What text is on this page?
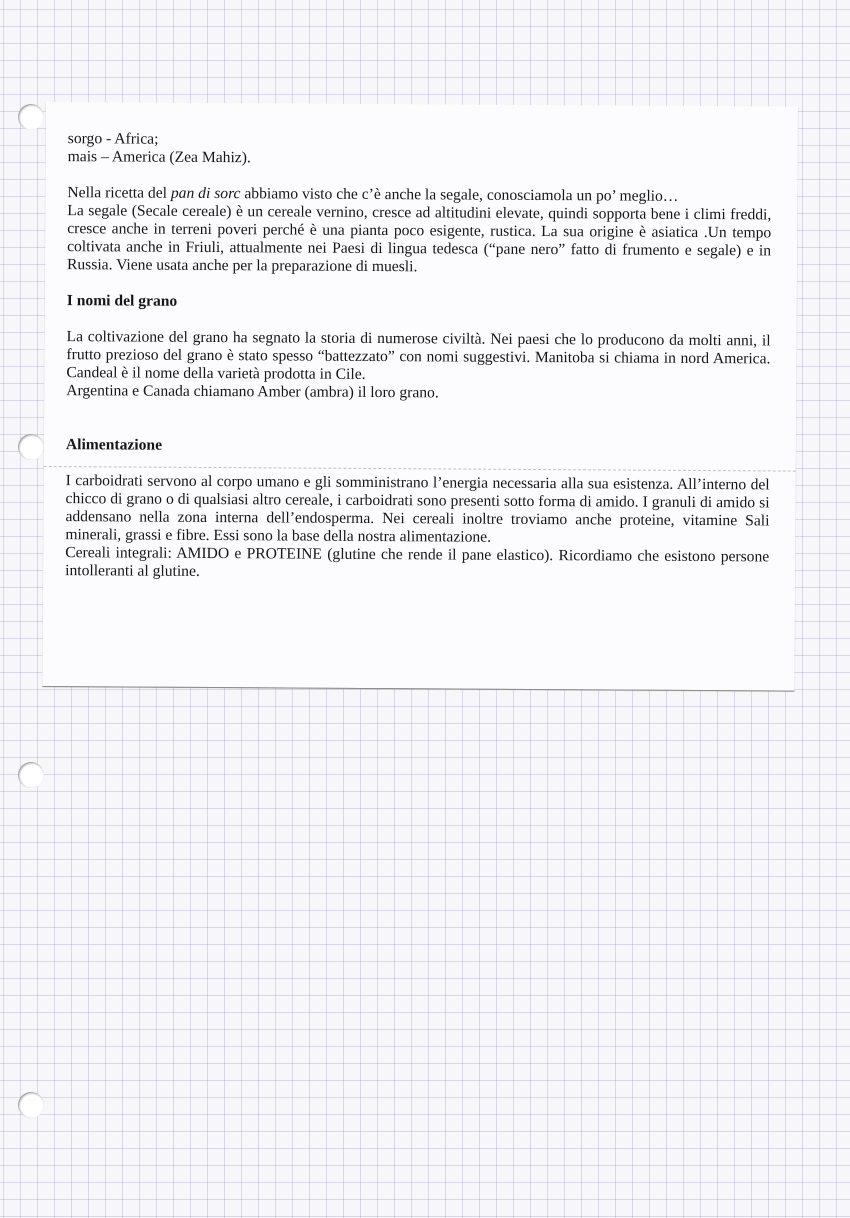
sorgo - Africa;
mais – America (Zea Mahiz).

Nella ricetta del pan di sorc abbiamo visto che c’è anche la segale, conosciamola un po’ meglio…

La segale (Secale cereale) è un cereale vernino, cresce ad altitudini elevate, quindi sopporta bene i climi freddi, cresce anche in terreni poveri perché è una pianta poco esigente, rustica. La sua origine è asiatica .Un tempo coltivata anche in Friuli, attualmente nei Paesi di lingua tedesca (“pane nero” fatto di frumento e segale) e in Russia. Viene usata anche per la preparazione di muesli.

I nomi del grano

La coltivazione del grano ha segnato la storia di numerose civiltà. Nei paesi che lo producono da molti anni, il frutto prezioso del grano è stato spesso “battezzato” con nomi suggestivi. Manitoba si chiama in nord America. Candeal è il nome della varietà prodotta in Cile.

Argentina e Canada chiamano Amber (ambra) il loro grano.

Alimentazione

I carboidrati servono al corpo umano e gli somministrano l’energia necessaria alla sua esistenza. All’interno del chicco di grano o di qualsiasi altro cereale, i carboidrati sono presenti sotto forma di amido. I granuli di amido si addensano nella zona interna dell’endosperma. Nei cereali inoltre troviamo anche proteine, vitamine Sali minerali, grassi e fibre. Essi sono la base della nostra alimentazione.

Cereali integrali: AMIDO e PROTEINE (glutine che rende il pane elastico). Ricordiamo che esistono persone intolleranti al glutine.
